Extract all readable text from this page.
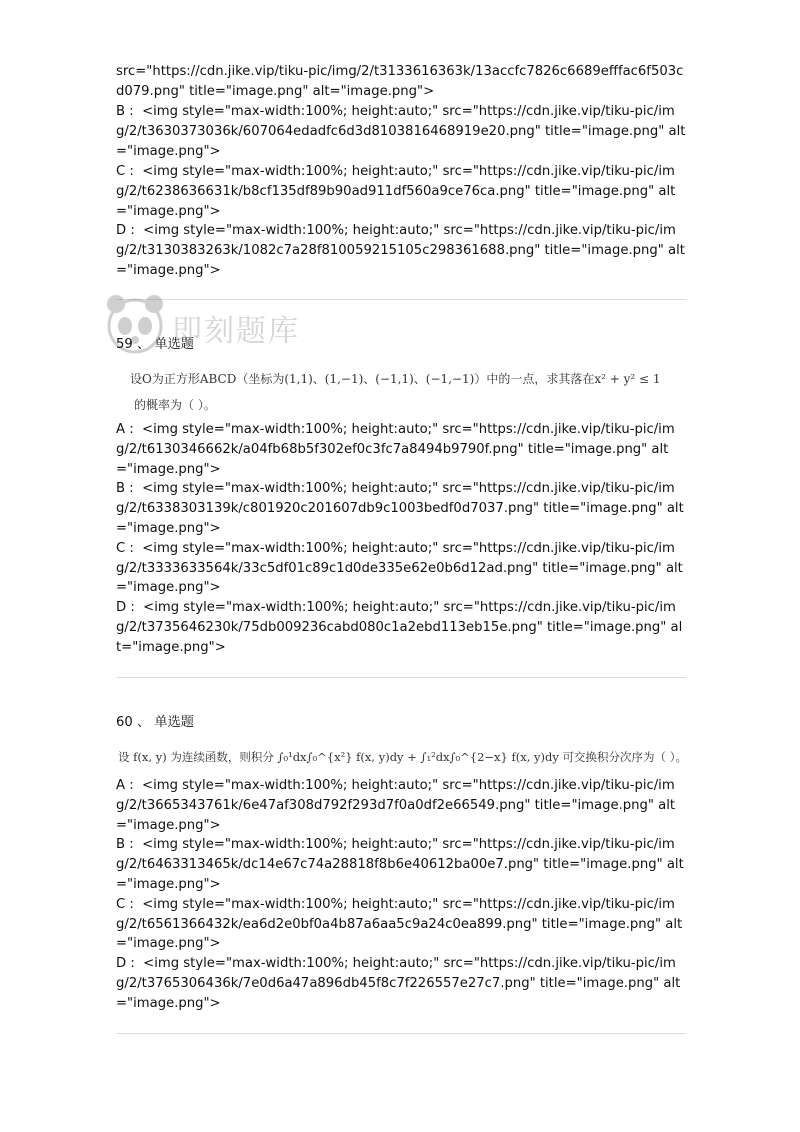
src="https://cdn.jike.vip/tiku-pic/img/2/t3133616363k/13accfc7826c6689efffac6f503cd079.png" title="image.png" alt="image.png">
B :  <img style="max-width:100%; height:auto;" src="https://cdn.jike.vip/tiku-pic/img/2/t3630373036k/607064edadfc6d3d8103816468919e20.png" title="image.png" alt="image.png">
C :  <img style="max-width:100%; height:auto;" src="https://cdn.jike.vip/tiku-pic/img/2/t6238636631k/b8cf135df89b90ad911df560a9ce76ca.png" title="image.png" alt="image.png">
D :  <img style="max-width:100%; height:auto;" src="https://cdn.jike.vip/tiku-pic/img/2/t3130383263k/1082c7a28f810059215105c298361688.png" title="image.png" alt="image.png">
即刻题库
59 、 单选题
设O为正方形ABCD（坐标为(1,1)、(1,−1)、(−1,1)、(−1,−1)）中的一点，求其落在x² + y² ≤ 1
的概率为（ ）。
A :  <img style="max-width:100%; height:auto;" src="https://cdn.jike.vip/tiku-pic/img/2/t6130346662k/a04fb68b5f302ef0c3fc7a8494b9790f.png" title="image.png" alt="image.png">
B :  <img style="max-width:100%; height:auto;" src="https://cdn.jike.vip/tiku-pic/img/2/t6338303139k/c801920c201607db9c1003bedf0d7037.png" title="image.png" alt="image.png">
C :  <img style="max-width:100%; height:auto;" src="https://cdn.jike.vip/tiku-pic/img/2/t3333633564k/33c5df01c89c1d0de335e62e0b6d12ad.png" title="image.png" alt="image.png">
D :  <img style="max-width:100%; height:auto;" src="https://cdn.jike.vip/tiku-pic/img/2/t3735646230k/75db009236cabd080c1a2ebd113eb15e.png" title="image.png" alt="image.png">
60 、 单选题
设 f(x, y) 为连续函数，则积分 ∫₀¹dx∫₀^{x²} f(x, y)dy + ∫₁²dx∫₀^{2−x} f(x, y)dy 可交换积分次序为（ ）。
A :  <img style="max-width:100%; height:auto;" src="https://cdn.jike.vip/tiku-pic/img/2/t3665343761k/6e47af308d792f293d7f0a0df2e66549.png" title="image.png" alt="image.png">
B :  <img style="max-width:100%; height:auto;" src="https://cdn.jike.vip/tiku-pic/img/2/t6463313465k/dc14e67c74a28818f8b6e40612ba00e7.png" title="image.png" alt="image.png">
C :  <img style="max-width:100%; height:auto;" src="https://cdn.jike.vip/tiku-pic/img/2/t6561366432k/ea6d2e0bf0a4b87a6aa5c9a24c0ea899.png" title="image.png" alt="image.png">
D :  <img style="max-width:100%; height:auto;" src="https://cdn.jike.vip/tiku-pic/img/2/t3765306436k/7e0d6a47a896db45f8c7f226557e27c7.png" title="image.png" alt="image.png">
